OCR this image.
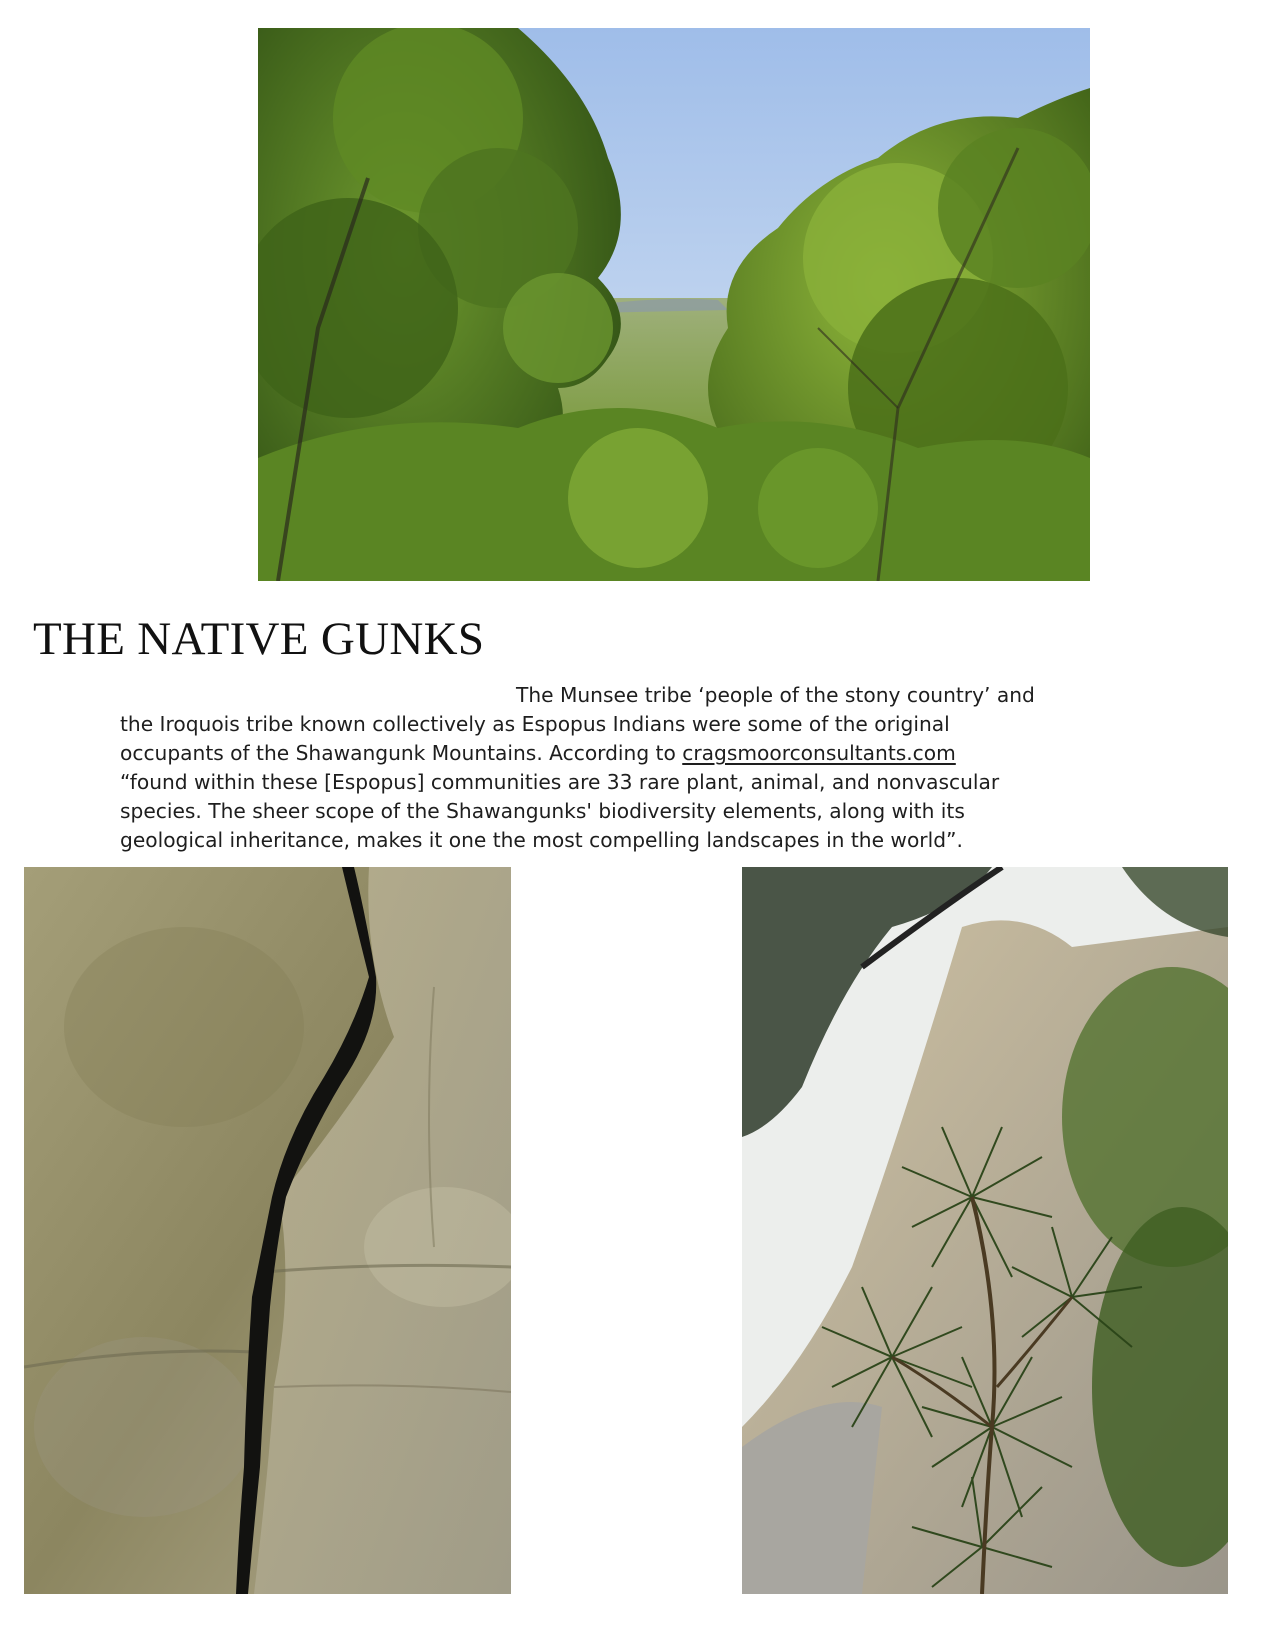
THE NATIVE GUNKS

The Munsee tribe ‘people of the stony country’ and
the Iroquois tribe known collectively as Espopus Indians were some of the original
occupants of the Shawangunk Mountains. According to cragsmoorconsultants.com
“found within these [Espopus] communities are 33 rare plant, animal, and nonvascular
species. The sheer scope of the Shawangunks' biodiversity elements, along with its
geological inheritance, makes it one the most compelling landscapes in the world”.
